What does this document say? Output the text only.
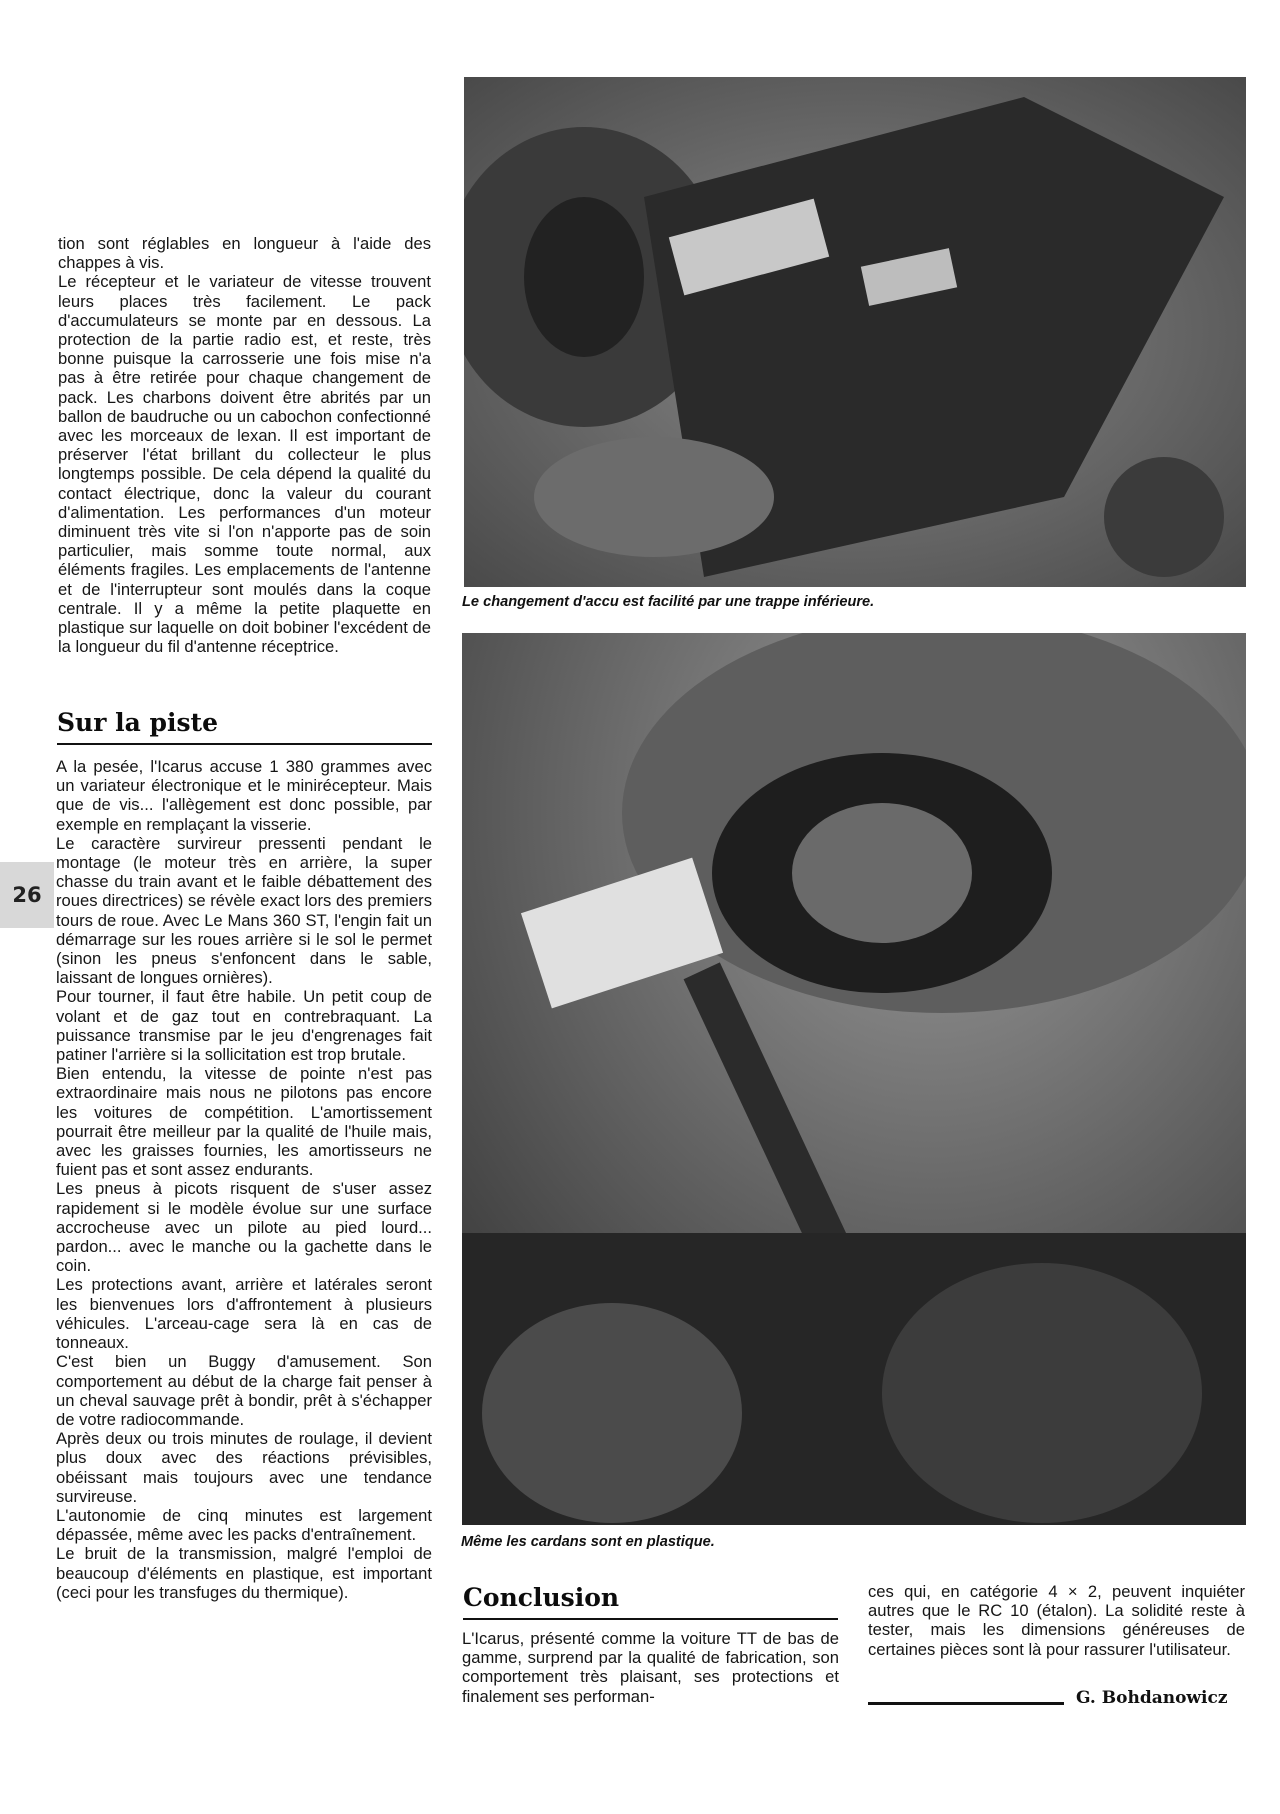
tion sont réglables en longueur à l'aide des chappes à vis.

Le récepteur et le variateur de vitesse trouvent leurs places très facilement. Le pack d'accumulateurs se monte par en dessous. La protection de la partie radio est, et reste, très bonne puisque la carrosserie une fois mise n'a pas à être retirée pour chaque changement de pack. Les charbons doivent être abrités par un ballon de baudruche ou un cabochon confectionné avec les morceaux de lexan. Il est important de préserver l'état brillant du collecteur le plus longtemps possible. De cela dépend la qualité du contact électrique, donc la valeur du courant d'alimentation. Les performances d'un moteur diminuent très vite si l'on n'apporte pas de soin particulier, mais somme toute normal, aux éléments fragiles. Les emplacements de l'antenne et de l'interrupteur sont moulés dans la coque centrale. Il y a même la petite plaquette en plastique sur laquelle on doit bobiner l'excédent de la longueur du fil d'antenne réceptrice.

Sur la piste

A la pesée, l'Icarus accuse 1 380 grammes avec un variateur électronique et le minirécepteur. Mais que de vis... l'allègement est donc possible, par exemple en remplaçant la visserie.

Le caractère survireur pressenti pendant le montage (le moteur très en arrière, la super chasse du train avant et le faible débattement des roues directrices) se révèle exact lors des premiers tours de roue. Avec Le Mans 360 ST, l'engin fait un démarrage sur les roues arrière si le sol le permet (sinon les pneus s'enfoncent dans le sable, laissant de longues ornières).

Pour tourner, il faut être habile. Un petit coup de volant et de gaz tout en contrebraquant. La puissance transmise par le jeu d'engrenages fait patiner l'arrière si la sollicitation est trop brutale.

Bien entendu, la vitesse de pointe n'est pas extraordinaire mais nous ne pilotons pas encore les voitures de compétition. L'amortissement pourrait être meilleur par la qualité de l'huile mais, avec les graisses fournies, les amortisseurs ne fuient pas et sont assez endurants.

Les pneus à picots risquent de s'user assez rapidement si le modèle évolue sur une surface accrocheuse avec un pilote au pied lourd... pardon... avec le manche ou la gachette dans le coin.

Les protections avant, arrière et latérales seront les bienvenues lors d'affrontement à plusieurs véhicules. L'arceau-cage sera là en cas de tonneaux.

C'est bien un Buggy d'amusement. Son comportement au début de la charge fait penser à un cheval sauvage prêt à bondir, prêt à s'échapper de votre radiocommande.

Après deux ou trois minutes de roulage, il devient plus doux avec des réactions prévisibles, obéissant mais toujours avec une tendance survireuse.

L'autonomie de cinq minutes est largement dépassée, même avec les packs d'entraînement.

Le bruit de la transmission, malgré l'emploi de beaucoup d'éléments en plastique, est important (ceci pour les transfuges du thermique).

26
Le changement d'accu est facilité par une trappe inférieure.
Même les cardans sont en plastique.
Conclusion

L'Icarus, présenté comme la voiture TT de bas de gamme, surprend par la qualité de fabrication, son comportement très plaisant, ses protections et finalement ses performan-

ces qui, en catégorie 4 × 2, peuvent inquiéter autres que le RC 10 (étalon). La solidité reste à tester, mais les dimensions généreuses de certaines pièces sont là pour rassurer l'utilisateur.

G. Bohdanowicz
